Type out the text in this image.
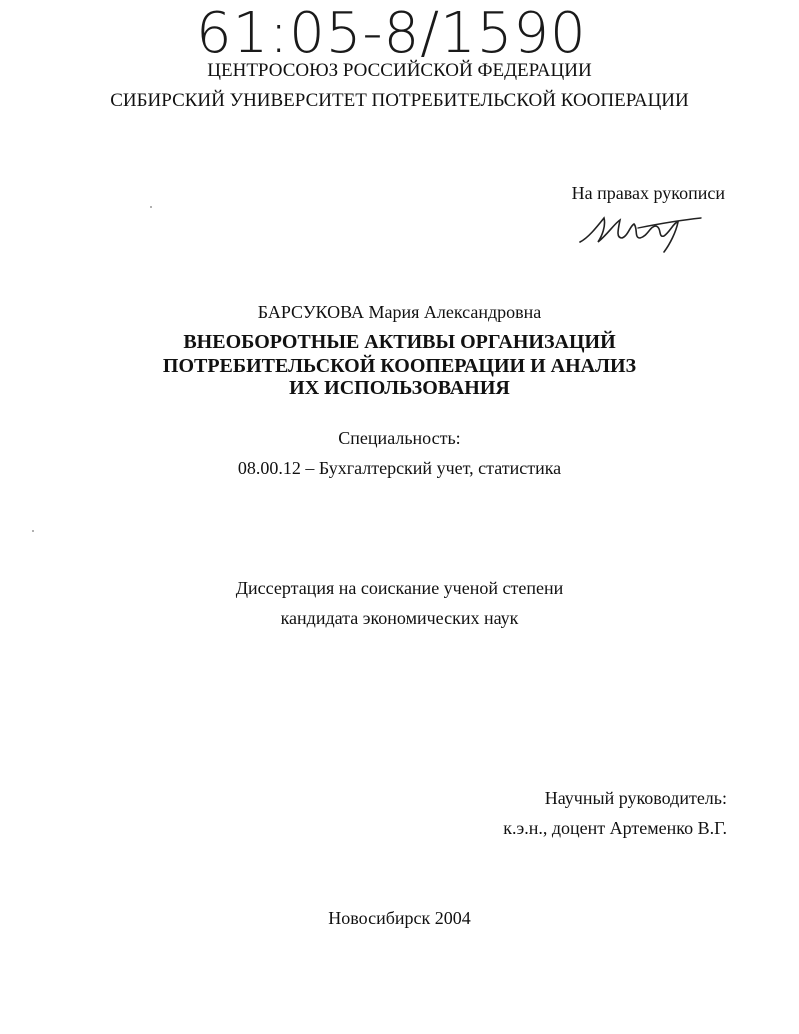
61:05-8/1590
ЦЕНТРОСОЮЗ РОССИЙСКОЙ ФЕДЕРАЦИИ
СИБИРСКИЙ УНИВЕРСИТЕТ ПОТРЕБИТЕЛЬСКОЙ КООПЕРАЦИИ
На правах рукописи
БАРСУКОВА Мария Александровна
ВНЕОБОРОТНЫЕ АКТИВЫ ОРГАНИЗАЦИЙ
ПОТРЕБИТЕЛЬСКОЙ КООПЕРАЦИИ И АНАЛИЗ
ИХ ИСПОЛЬЗОВАНИЯ
Специальность:
08.00.12 – Бухгалтерский учет, статистика
Диссертация на соискание ученой степени
кандидата экономических наук
Научный руководитель:
к.э.н., доцент Артеменко В.Г.
Новосибирск 2004
